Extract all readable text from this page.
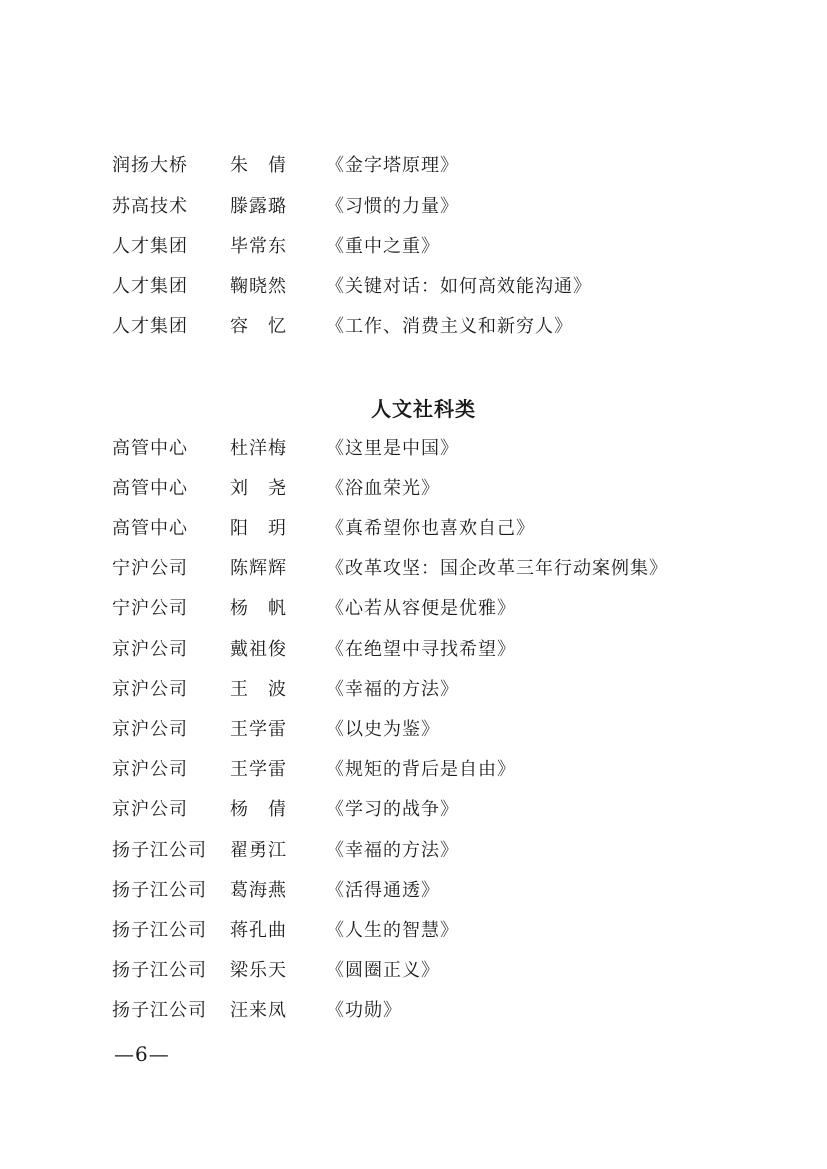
润扬大桥 朱　倩 《金字塔原理》
苏高技术 滕露璐 《习惯的力量》
人才集团 毕常东 《重中之重》
人才集团 鞠晓然 《关键对话：如何高效能沟通》
人才集团 容　忆 《工作、消费主义和新穷人》
人文社科类
高管中心 杜洋梅 《这里是中国》
高管中心 刘　尧 《浴血荣光》
高管中心 阳　玥 《真希望你也喜欢自己》
宁沪公司 陈辉辉 《改革攻坚：国企改革三年行动案例集》
宁沪公司 杨　帆 《心若从容便是优雅》
京沪公司 戴祖俊 《在绝望中寻找希望》
京沪公司 王　波 《幸福的方法》
京沪公司 王学雷 《以史为鉴》
京沪公司 王学雷 《规矩的背后是自由》
京沪公司 杨　倩 《学习的战争》
扬子江公司 翟勇江 《幸福的方法》
扬子江公司 葛海燕 《活得通透》
扬子江公司 蒋孔曲 《人生的智慧》
扬子江公司 梁乐天 《圆圈正义》
扬子江公司 汪来凤 《功勋》
—6—
